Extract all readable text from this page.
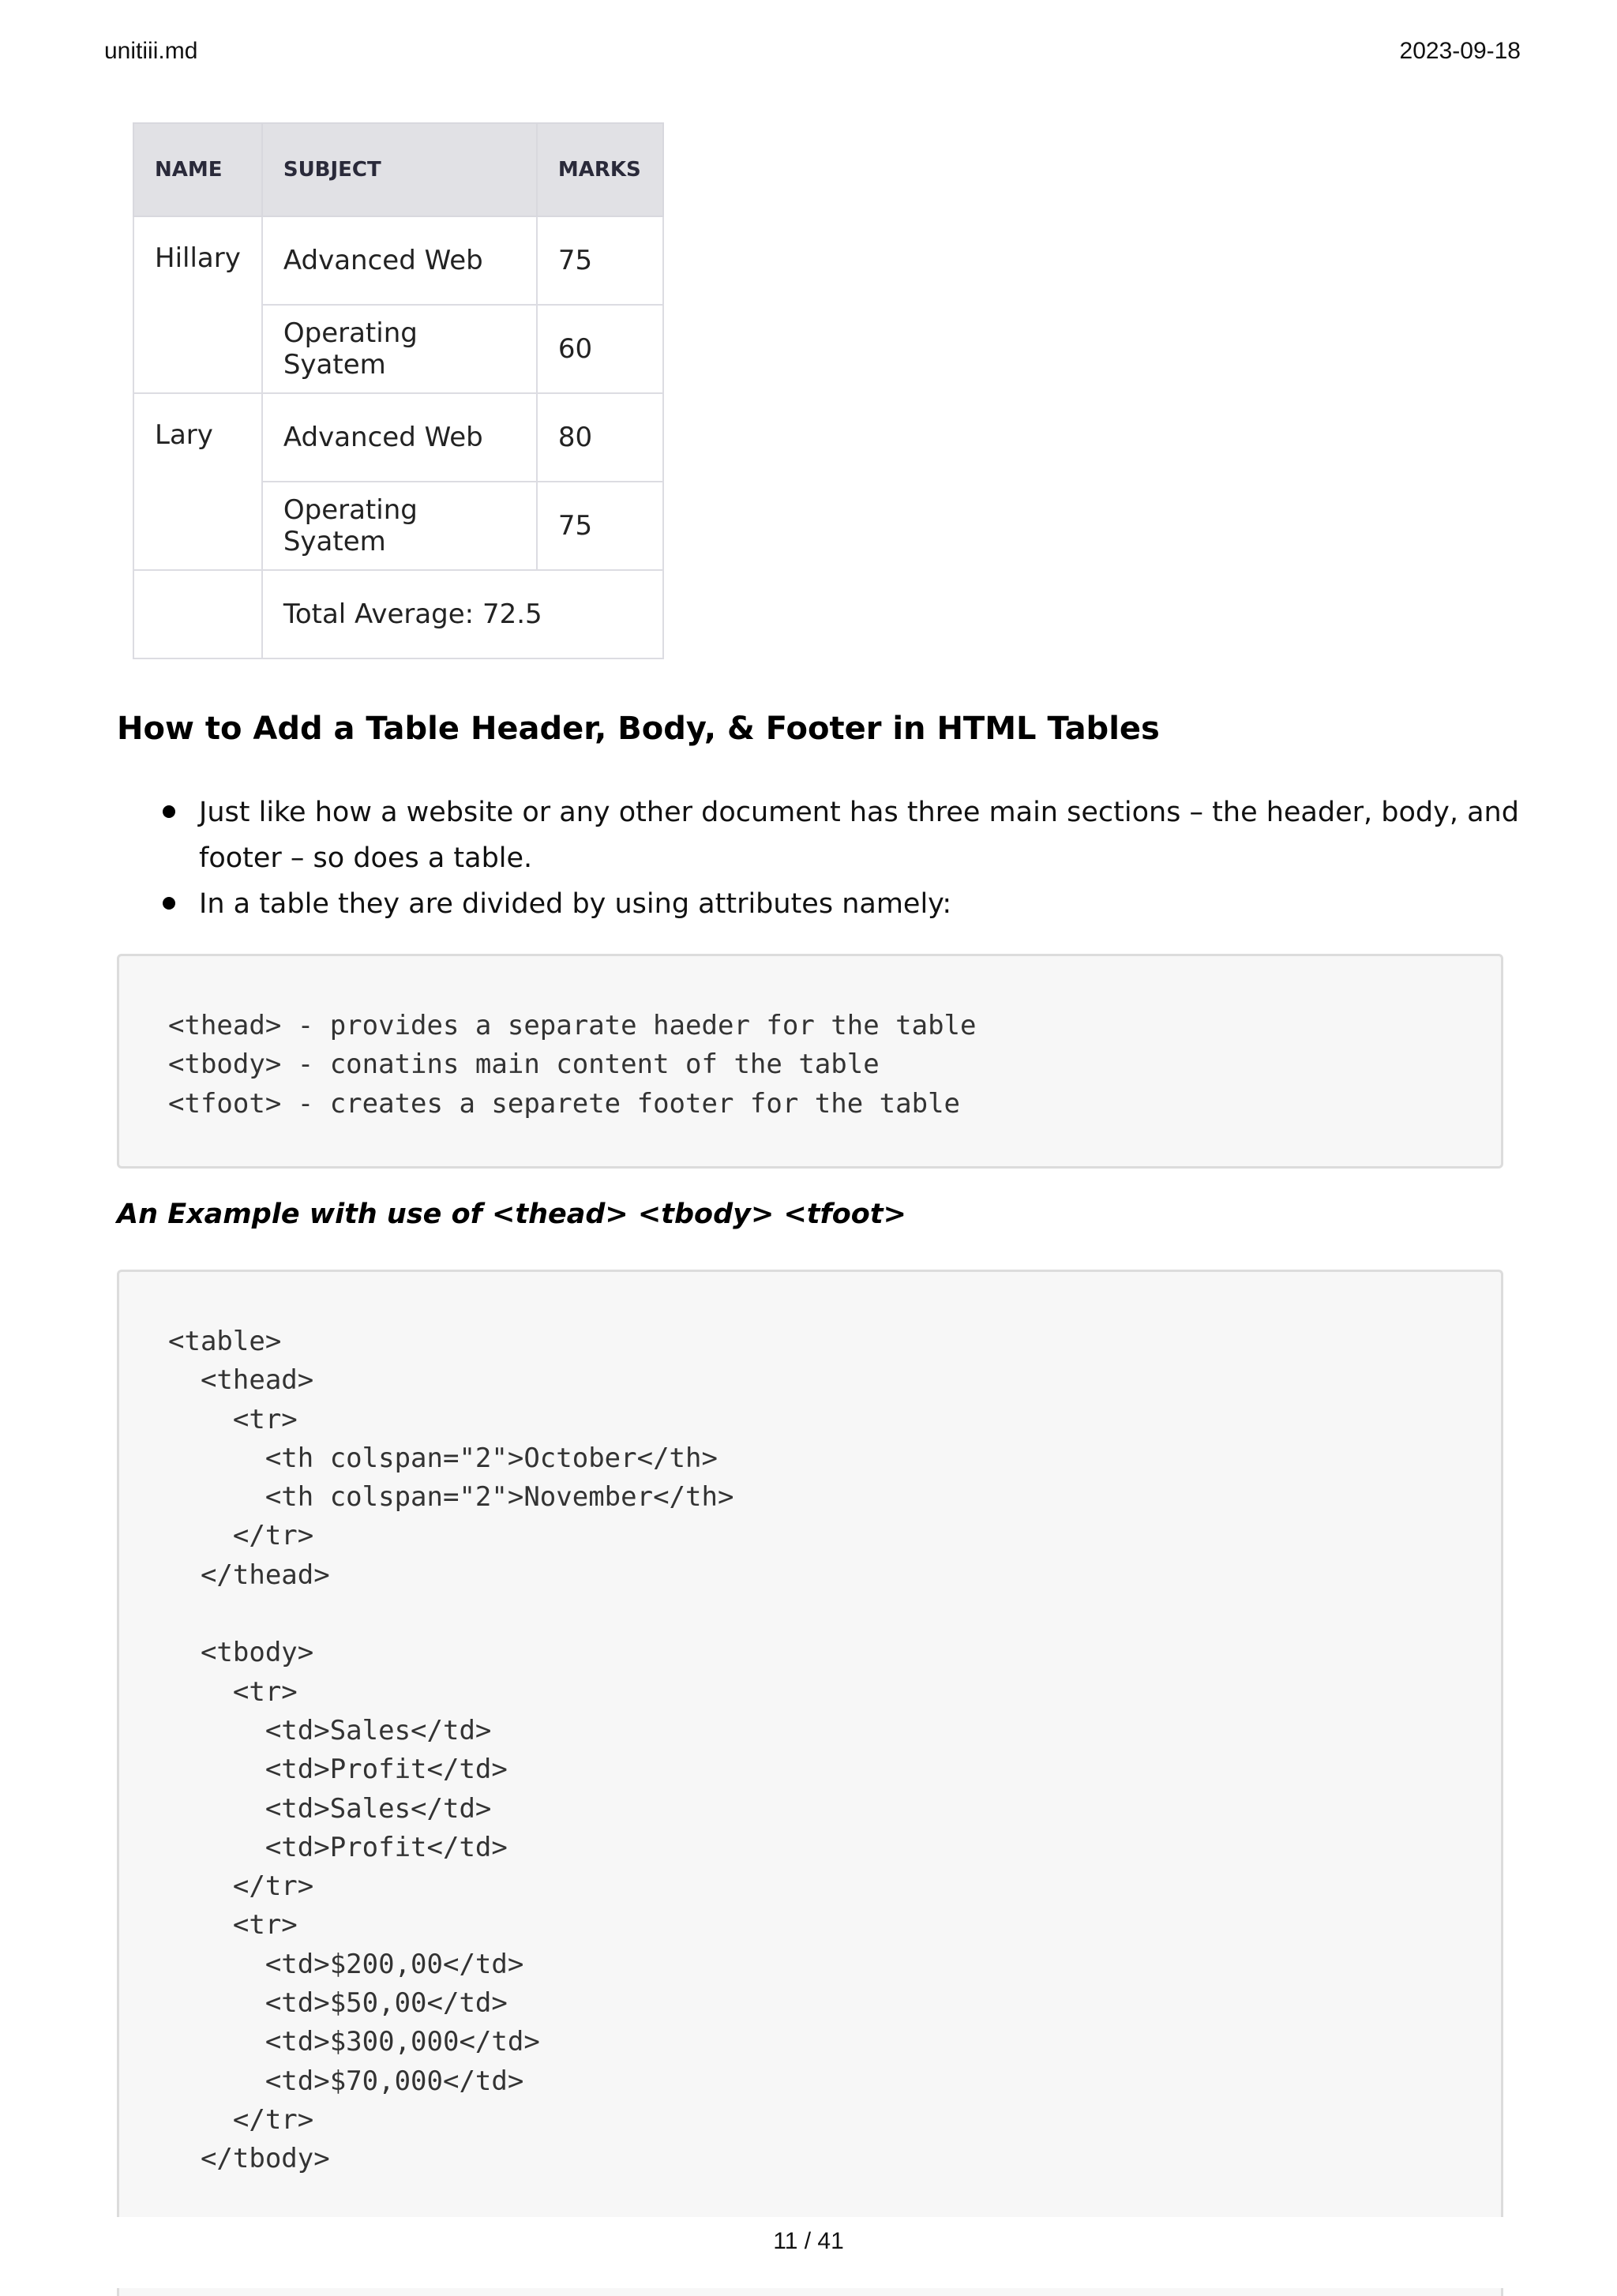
unitiii.md	2023-09-18
NAME	SUBJECT	MARKS
Hillary	Advanced Web	75
	Operating Syatem	60
Lary	Advanced Web	80
	Operating Syatem	75
	Total Average: 72.5	
How to Add a Table Header, Body, & Footer in HTML Tables
Just like how a website or any other document has three main sections – the header, body, and footer – so does a table.
In a table they are divided by using attributes namely:
<thead> - provides a separate haeder for the table
<tbody> - conatins main content of the table
<tfoot> - creates a separete footer for the table
An Example with use of <thead> <tbody> <tfoot>
<table>
<thead>
<tr>
<th colspan="2">October</th>
<th colspan="2">November</th>
</tr>
</thead>

<tbody>
<tr>
<td>Sales</td>
<td>Profit</td>
<td>Sales</td>
<td>Profit</td>
</tr>
<tr>
<td>$200,00</td>
<td>$50,00</td>
<td>$300,000</td>
<td>$70,000</td>
</tr>
</tbody>
11 / 41
